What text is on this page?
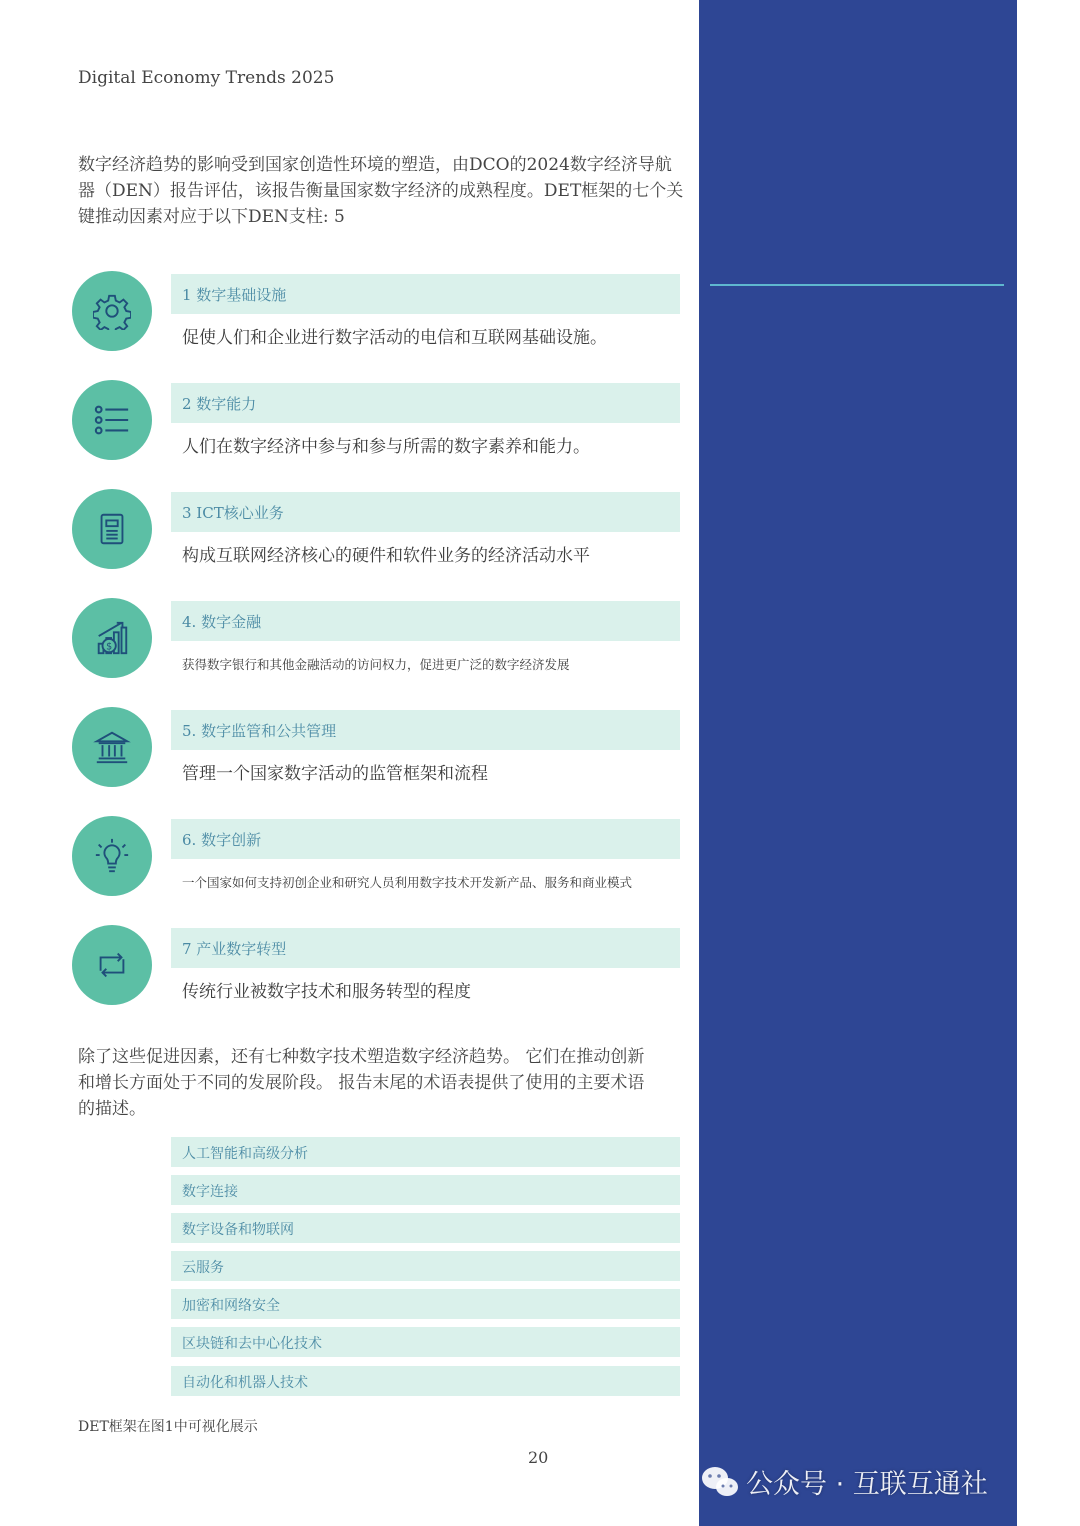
Digital Economy Trends 2025
数字经济趋势的影响受到国家创造性环境的塑造，由DCO的2024数字经济导航器（DEN）报告评估，该报告衡量国家数字经济的成熟程度。DET框架的七个关键推动因素对应于以下DEN支柱: 5
1 数字基础设施
促使人们和企业进行数字活动的电信和互联网基础设施。
2 数字能力
人们在数字经济中参与和参与所需的数字素养和能力。
3 ICT核心业务
构成互联网经济核心的硬件和软件业务的经济活动水平
$
4. 数字金融
获得数字银行和其他金融活动的访问权力，促进更广泛的数字经济发展
5. 数字监管和公共管理
管理一个国家数字活动的监管框架和流程
6. 数字创新
一个国家如何支持初创企业和研究人员利用数字技术开发新产品、服务和商业模式
7 产业数字转型
传统行业被数字技术和服务转型的程度
除了这些促进因素，还有七种数字技术塑造数字经济趋势。 它们在推动创新和增长方面处于不同的发展阶段。 报告末尾的术语表提供了使用的主要术语的描述。
人工智能和高级分析
数字连接
数字设备和物联网
云服务
加密和网络安全
区块链和去中心化技术
自动化和机器人技术
DET框架在图1中可视化展示
20
公众号 · 互联互通社
